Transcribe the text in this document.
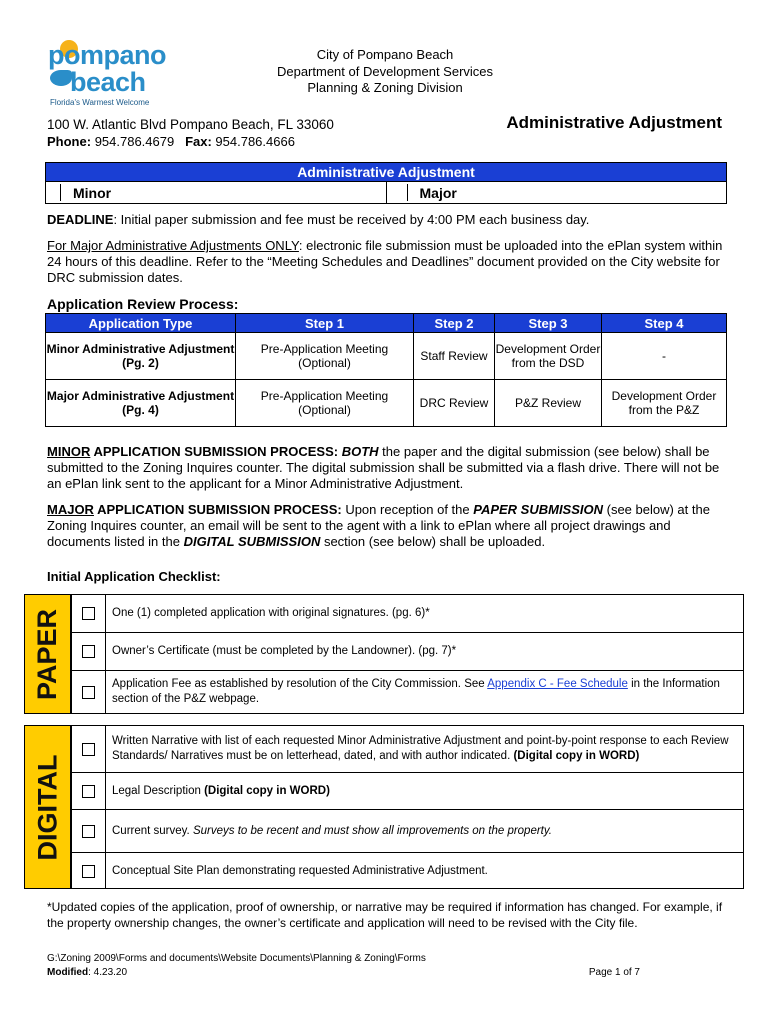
pompano
beach
Florida's Warmest Welcome
City of Pompano Beach
Department of Development Services
Planning & Zoning Division
100 W. Atlantic Blvd Pompano Beach, FL 33060
Phone: 954.786.4679 Fax: 954.786.4666
Administrative Adjustment
Administrative Adjustment
Minor	Major
DEADLINE: Initial paper submission and fee must be received by 4:00 PM each business day.
For Major Administrative Adjustments ONLY: electronic file submission must be uploaded into the ePlan system within 24 hours of this deadline. Refer to the “Meeting Schedules and Deadlines” document provided on the City website for DRC submission dates.
Application Review Process:
Application Type	Step 1	Step 2	Step 3	Step 4
Minor Administrative Adjustment (Pg. 2)	Pre-Application Meeting (Optional)	Staff Review	Development Order from the DSD	-
Major Administrative Adjustment (Pg. 4)	Pre-Application Meeting (Optional)	DRC Review	P&Z Review	Development Order from the P&Z
MINOR APPLICATION SUBMISSION PROCESS: BOTH the paper and the digital submission (see below) shall be submitted to the Zoning Inquires counter. The digital submission shall be submitted via a flash drive. There will not be an ePlan link sent to the applicant for a Minor Administrative Adjustment.
MAJOR APPLICATION SUBMISSION PROCESS: Upon reception of the PAPER SUBMISSION (see below) at the Zoning Inquires counter, an email will be sent to the agent with a link to ePlan where all project drawings and documents listed in the DIGITAL SUBMISSION section (see below) shall be uploaded.
Initial Application Checklist:
PAPER	One (1) completed application with original signatures. (pg. 6)*
Owner’s Certificate (must be completed by the Landowner). (pg. 7)*
Application Fee as established by resolution of the City Commission. See Appendix C - Fee Schedule in the Information section of the P&Z webpage.
DIGITAL
Written Narrative with list of each requested Minor Administrative Adjustment and point-by-point response to each Review Standards/ Narratives must be on letterhead, dated, and with author indicated. (Digital copy in WORD)
Legal Description (Digital copy in WORD)
Current survey. Surveys to be recent and must show all improvements on the property.
Conceptual Site Plan demonstrating requested Administrative Adjustment.
*Updated copies of the application, proof of ownership, or narrative may be required if information has changed. For example, if the property ownership changes, the owner’s certificate and application will need to be revised with the City file.
G:\Zoning 2009\Forms and documents\Website Documents\Planning & Zoning\Forms
Modified: 4.23.20	Page 1 of 7
